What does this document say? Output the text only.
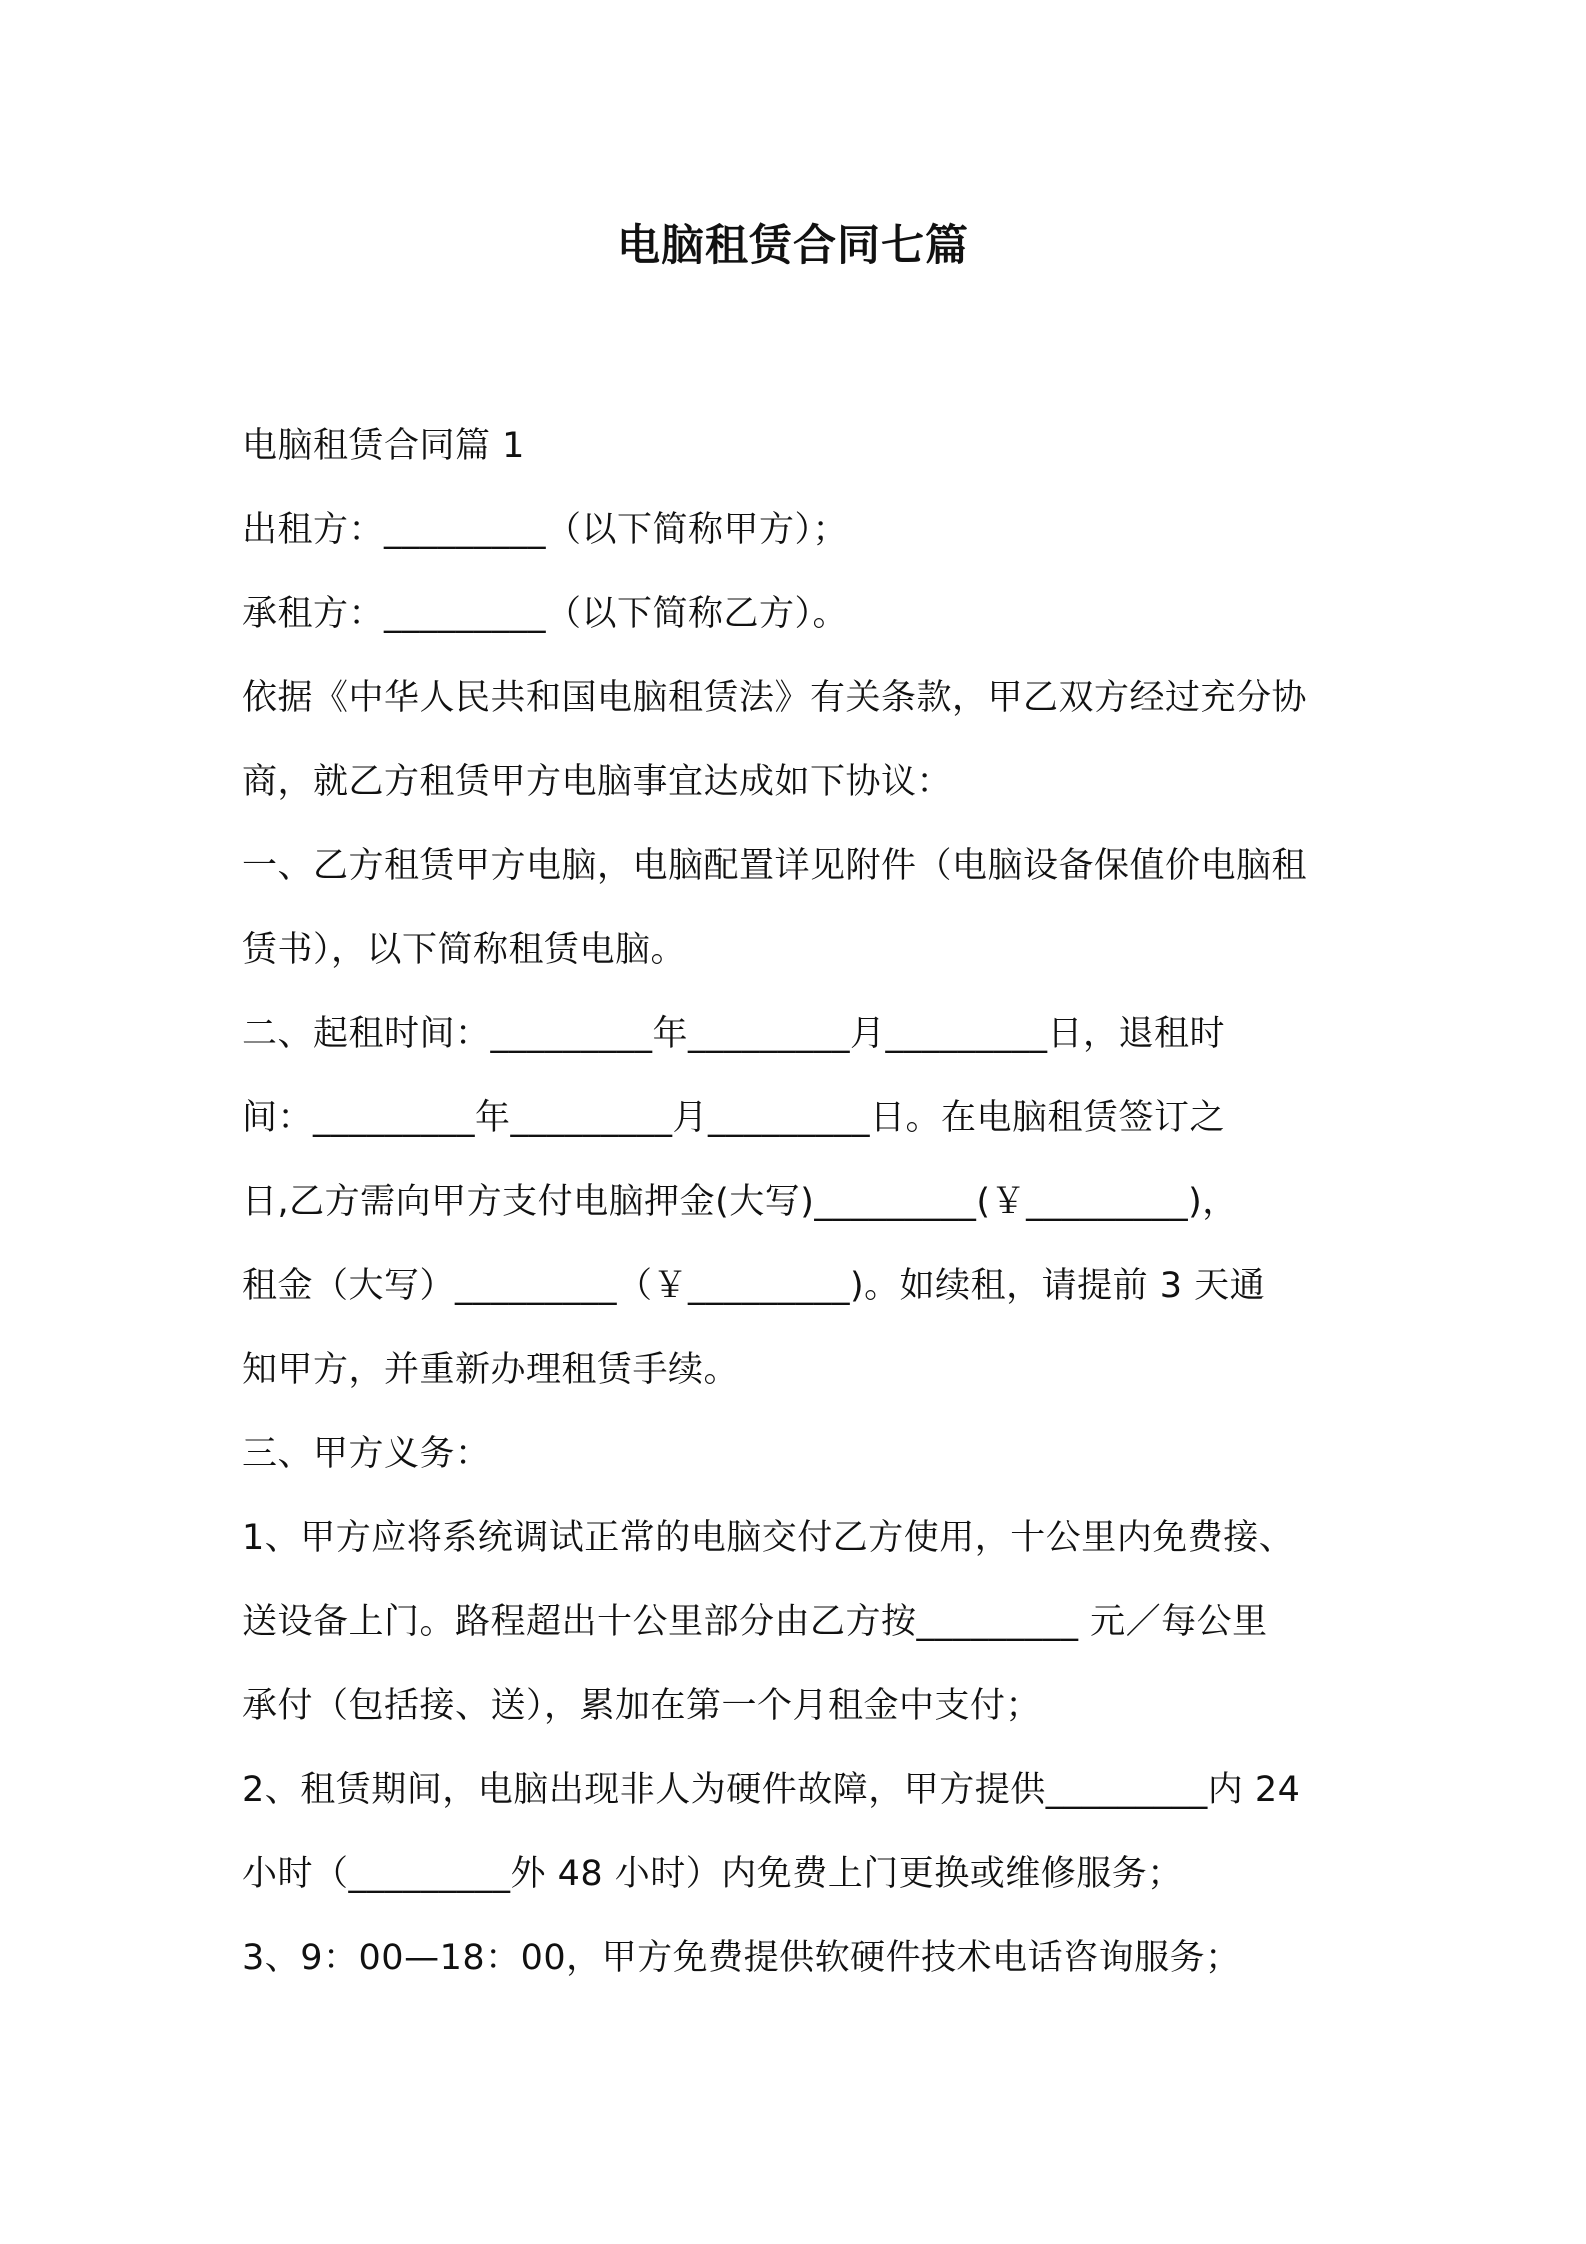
电脑租赁合同七篇
电脑租赁合同篇 1
出租方：_________（以下简称甲方）；
承租方：_________（以下简称乙方）。
依据《中华人民共和国电脑租赁法》有关条款，甲乙双方经过充分协
商，就乙方租赁甲方电脑事宜达成如下协议：
一、乙方租赁甲方电脑，电脑配置详见附件（电脑设备保值价电脑租
赁书），以下简称租赁电脑。
二、起租时间：_________年_________月_________日，退租时
间：_________年_________月_________日。在电脑租赁签订之
日,乙方需向甲方支付电脑押金(大写)_________(￥_________)，
租金（大写）_________（￥_________)。如续租，请提前 3 天通
知甲方，并重新办理租赁手续。
三、甲方义务：
1、甲方应将系统调试正常的电脑交付乙方使用，十公里内免费接、
送设备上门。路程超出十公里部分由乙方按_________ 元／每公里
承付（包括接、送），累加在第一个月租金中支付；
2、租赁期间，电脑出现非人为硬件故障，甲方提供_________内 24
小时（_________外 48 小时）内免费上门更换或维修服务；
3、9：00—18：00，甲方免费提供软硬件技术电话咨询服务；
